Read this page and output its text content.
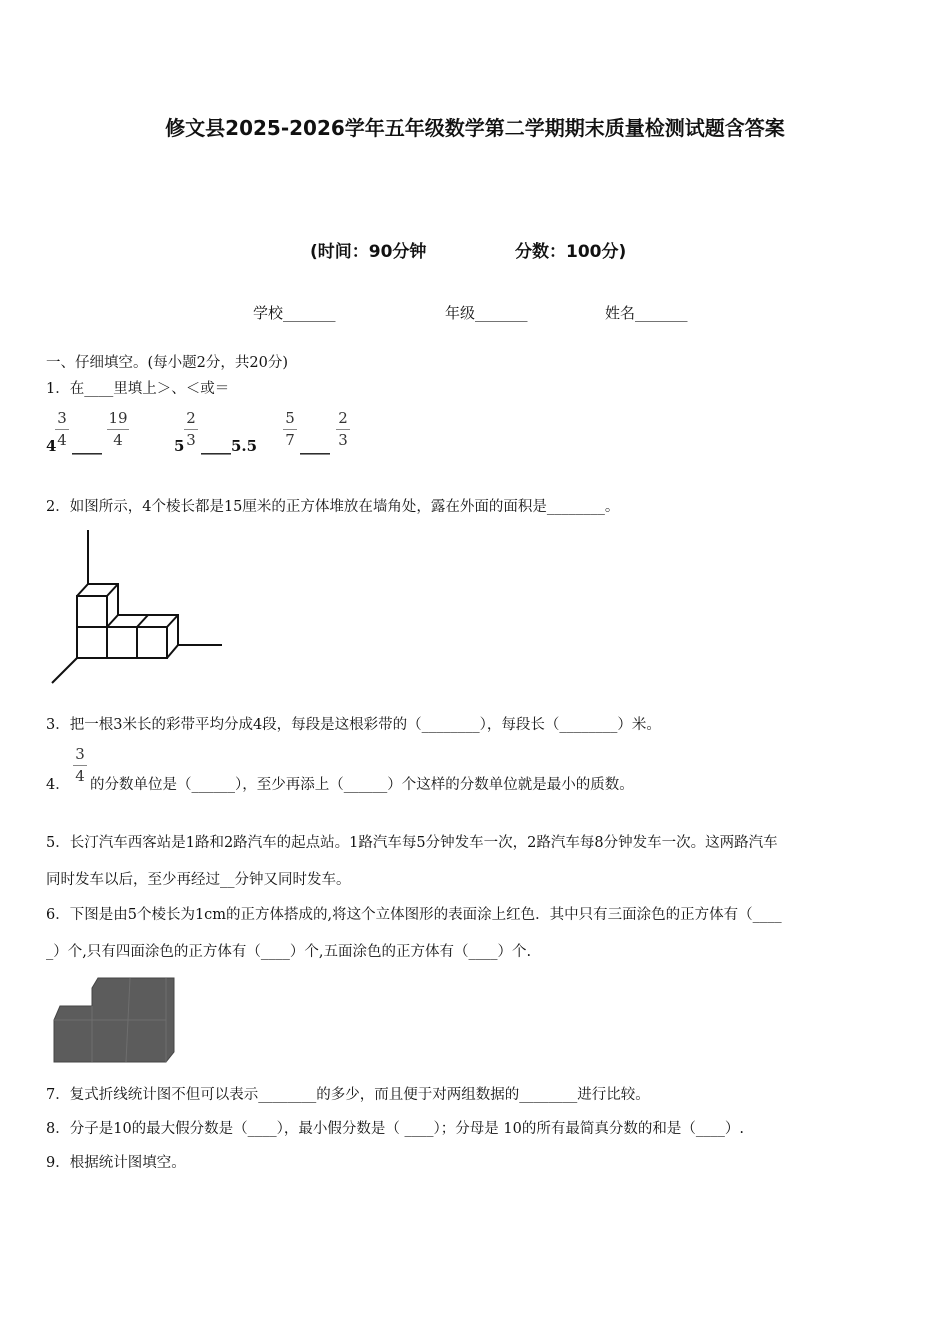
修文县2025-2026学年五年级数学第二学期期末质量检测试题含答案
(时间：90分钟	分数：100分)
学校_______	年级_______	姓名_______
一、仔细填空。(每小题2分，共20分)
1．在____里填上＞、＜或＝
4
3
4 ____
19
4	5
2
3 ____5.5
5
7 ____
2
3
2．如图所示，4个棱长都是15厘米的正方体堆放在墙角处，露在外面的面积是________。
3．把一根3米长的彩带平均分成4段，每段是这根彩带的（________），每段长（________）米。
4．
3
4 的分数单位是（______），至少再添上（______）个这样的分数单位就是最小的质数。
5．长汀汽车西客站是1路和2路汽车的起点站。1路汽车每5分钟发车一次，2路汽车每8分钟发车一次。这两路汽车
同时发车以后，至少再经过__分钟又同时发车。
6．下图是由5个棱长为1cm的正方体搭成的,将这个立体图形的表面涂上红色．其中只有三面涂色的正方体有（____
_）个,只有四面涂色的正方体有（____）个,五面涂色的正方体有（____）个.
7．复式折线统计图不但可以表示________的多少，而且便于对两组数据的________进行比较。
8．分子是10的最大假分数是（____），最小假分数是（ ____）；分母是 10的所有最简真分数的和是（____）.
9．根据统计图填空。
